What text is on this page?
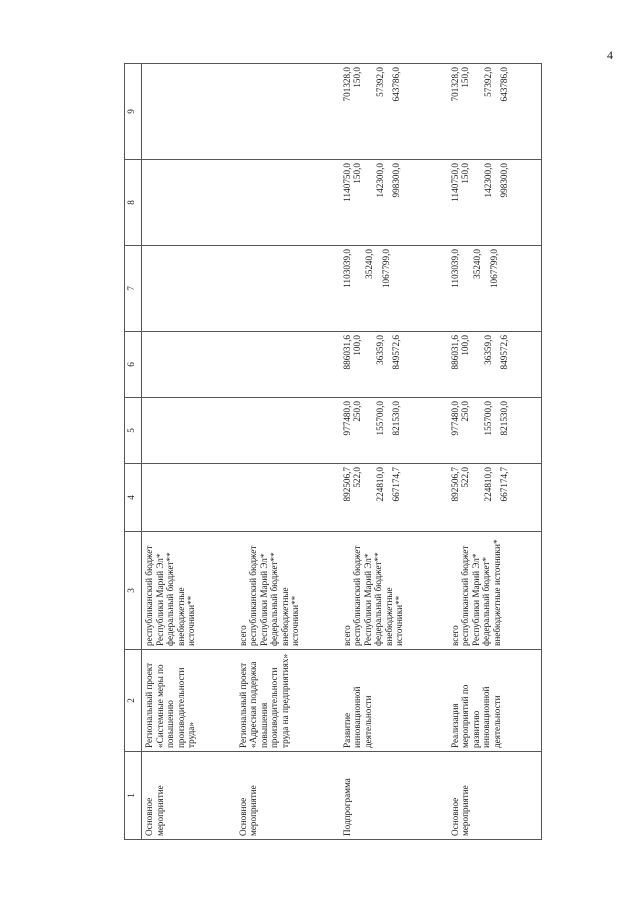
4
1	2	3	4	5	6	7	8	9
Основное мероприятие	Региональный проект «Системные меры по повышению производительности труда»	республиканский бюджет Республики Марий Эл* федеральный бюджет** внебюджетные источники**						

Основное мероприятие	Региональный проект «Адресная поддержка повышения производительности труда на предприятиях»	всего республиканский бюджет Республики Марий Эл* федеральный бюджет** внебюджетные источники**						

Подпрограмма	Развитие инновационной деятельности	всего республиканский бюджет Республики Марий Эл* федеральный бюджет** внебюджетные источники**	892506,7 522,0 224810,0 667174,7	977480,0 250,0 155700,0 821530,0	886031,6 100,0 36359,0 849572,6	1103039,0 35240,0 1067799,0	1140750,0 150,0 142300,0 998300,0	701328,0 150,0 57392,0 643786,0

Основное мероприятие	Реализация мероприятий по развитию инновационной деятельности	всего республиканский бюджет Республики Марий Эл* федеральный бюджет* внебюджетные источники*	892506,7 522,0 224810,0 667174,7	977480,0 250,0 155700,0 821530,0	886031,6 100,0 36359,0 849572,6	1103039,0 35240,0 1067799,0	1140750,0 150,0 142300,0 998300,0	701328,0 150,0 57392,0 643786,0
